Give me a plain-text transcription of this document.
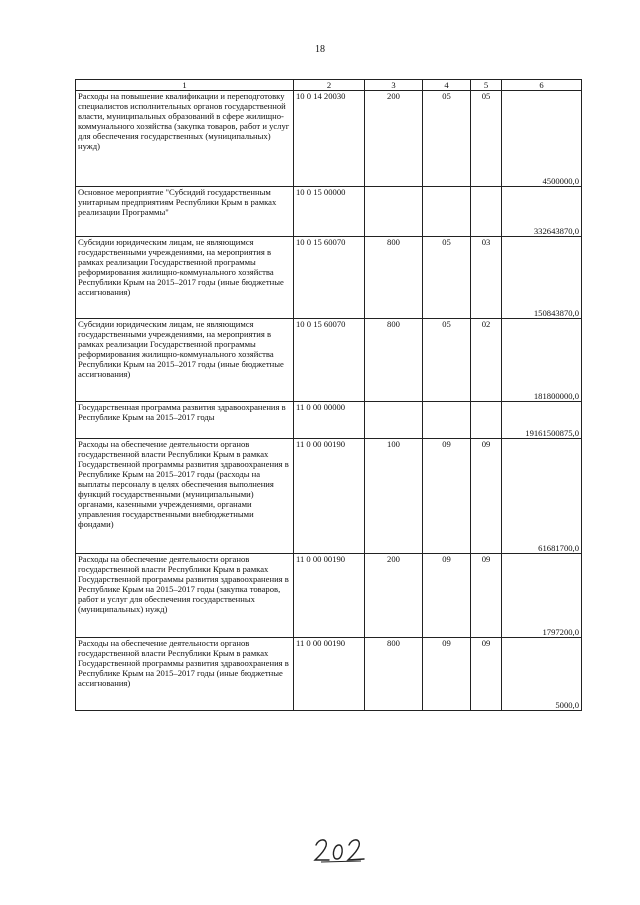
18
1	2	3	4	5	6
Расходы на повышение квалификации и переподготовку специалистов исполнительных органов государственной власти, муниципальных образований в сфере жилищно-коммунального хозяйства (закупка товаров, работ и услуг для обеспечения государственных (муниципальных) нужд)	10 0 14 20030	200	05	05	4500000,0
Основное мероприятие "Субсидий государственным унитарным предприятиям Республики Крым в рамках реализации Программы"	10 0 15 00000				332643870,0
Субсидии юридическим лицам, не являющимся государственными учреждениями, на мероприятия в рамках реализации Государственной программы реформирования жилищно-коммунального хозяйства Республики Крым на 2015–2017 годы (иные бюджетные ассигнования)	10 0 15 60070	800	05	03	150843870,0
Субсидии юридическим лицам, не являющимся государственными учреждениями, на мероприятия в рамках реализации Государственной программы реформирования жилищно-коммунального хозяйства Республики Крым на 2015–2017 годы (иные бюджетные ассигнования)	10 0 15 60070	800	05	02	181800000,0
Государственная программа развития здравоохранения в Республике Крым на 2015–2017 годы	11 0 00 00000				19161500875,0
Расходы на обеспечение деятельности органов государственной власти Республики Крым в рамках Государственной программы развития здравоохранения в Республике Крым на 2015–2017 годы (расходы на выплаты персоналу в целях обеспечения выполнения функций государственными (муниципальными) органами, казенными учреждениями, органами управления государственными внебюджетными фондами)	11 0 00 00190	100	09	09	61681700,0
Расходы на обеспечение деятельности органов государственной власти Республики Крым в рамках Государственной программы развития здравоохранения в Республике Крым на 2015–2017 годы (закупка товаров, работ и услуг для обеспечения государственных (муниципальных) нужд)	11 0 00 00190	200	09	09	1797200,0
Расходы на обеспечение деятельности органов государственной власти Республики Крым в рамках Государственной программы развития здравоохранения в Республике Крым на 2015–2017 годы (иные бюджетные ассигнования)	11 0 00 00190	800	09	09	5000,0
